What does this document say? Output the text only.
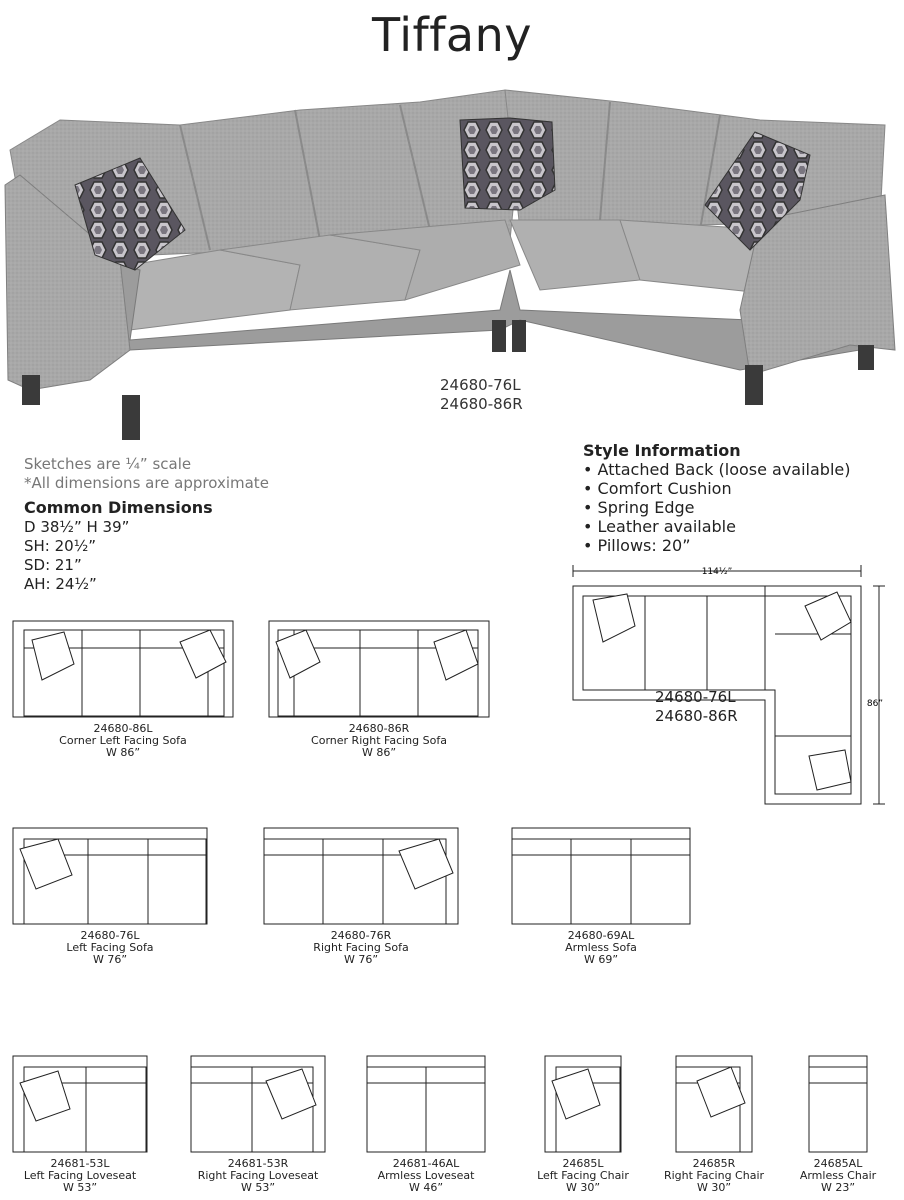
Tiffany
24680-76L
24680-86R
Sketches are ¼” scale
*All dimensions are approximate
Common Dimensions
D 38½” H 39”
SH: 20½”
SD: 21”
AH: 24½”
Style Information
• Attached Back (loose available)
• Comfort Cushion
• Spring Edge
• Leather available
• Pillows: 20”
114½”
86”
24680-76L
24680-86R
24680-86L
Corner Left Facing Sofa
W 86”
24680-86R
Corner Right Facing Sofa
W 86”
24680-76L
Left Facing Sofa
W 76”
24680-76R
Right Facing Sofa
W 76”
24680-69AL
Armless Sofa
W 69”
24681-53L
Left Facing Loveseat
W 53”
24681-53R
Right Facing Loveseat
W 53”
24681-46AL
Armless Loveseat
W 46”
24685L
Left Facing Chair
W 30”
24685R
Right Facing Chair
W 30”
24685AL
Armless Chair
W 23”
